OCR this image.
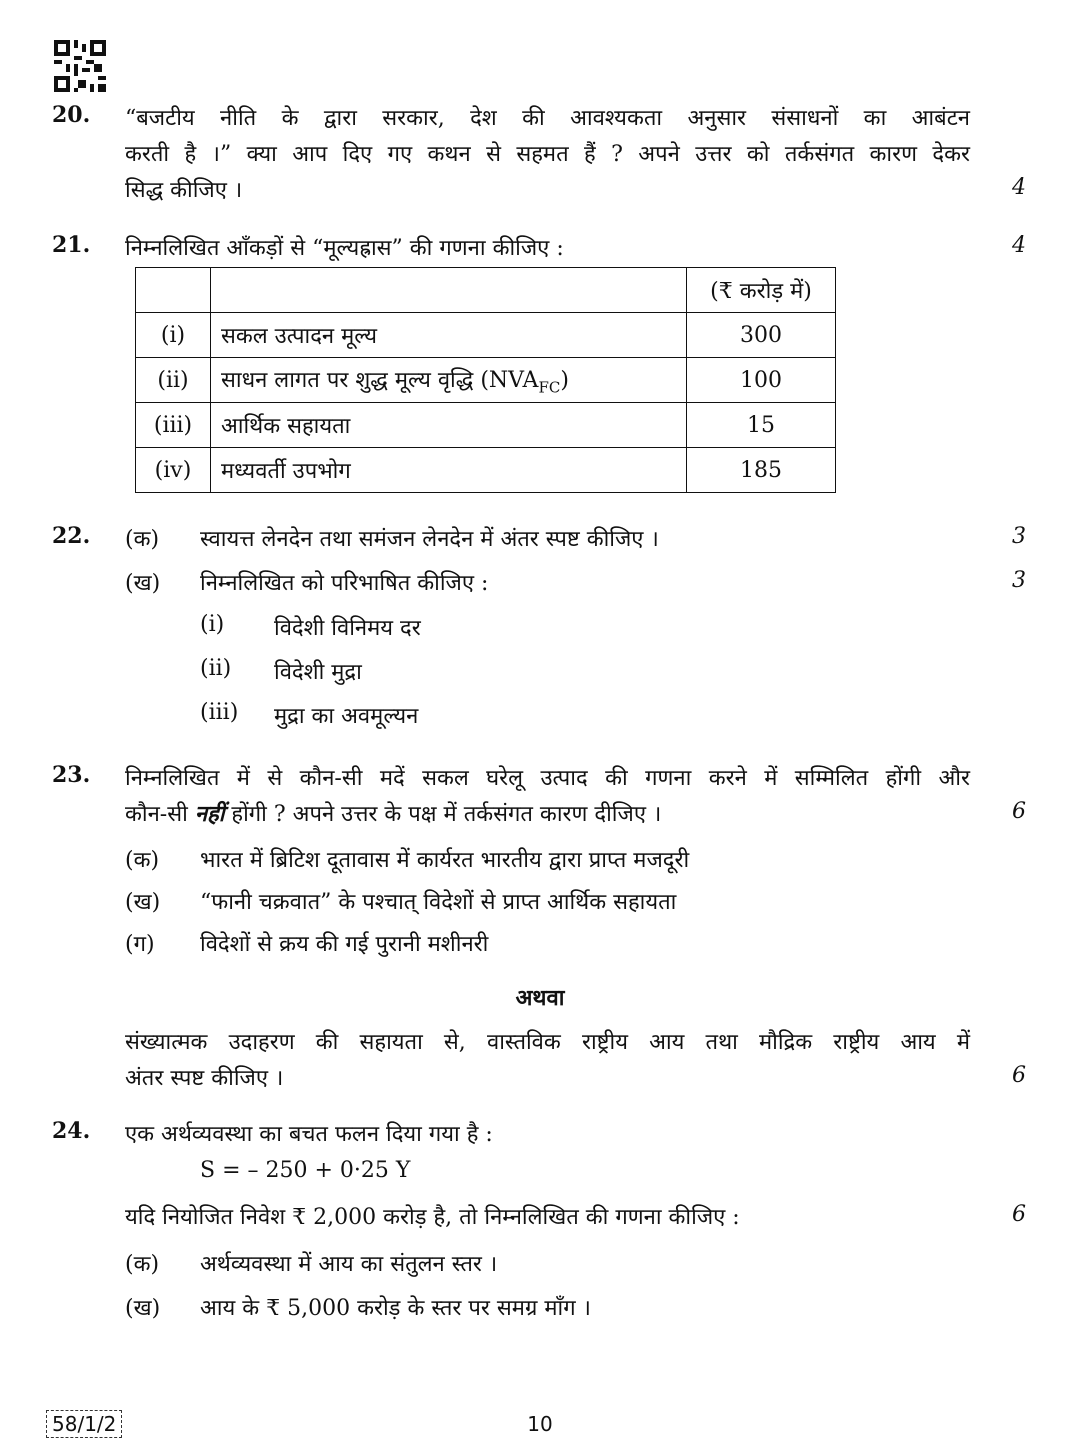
20. “बजटीय नीति के द्वारा सरकार, देश की आवश्यकता अनुसार संसाधनों का आबंटन
करती है ।” क्या आप दिए गए कथन से सहमत हैं ? अपने उत्तर को तर्कसंगत कारण देकर
सिद्ध कीजिए ।	4
21. निम्नलिखित आँकड़ों से “मूल्यह्रास” की गणना कीजिए :	4
		(₹ करोड़ में)
(i)	सकल उत्पादन मूल्य	300
(ii)	साधन लागत पर शुद्ध मूल्य वृद्धि $(NVA_{FC})$	100
(iii)	आर्थिक सहायता	15
(iv)	मध्यवर्ती उपभोग	185
22. (क) स्वायत्त लेनदेन तथा समंजन लेनदेन में अंतर स्पष्ट कीजिए ।	3
(ख) निम्नलिखित को परिभाषित कीजिए :	3
(i) विदेशी विनिमय दर
(ii) विदेशी मुद्रा
(iii) मुद्रा का अवमूल्यन
23. निम्नलिखित में से कौन-सी मदें सकल घरेलू उत्पाद की गणना करने में सम्मिलित होंगी और
कौन-सी नहीं होंगी ? अपने उत्तर के पक्ष में तर्कसंगत कारण दीजिए ।	6
(क) भारत में ब्रिटिश दूतावास में कार्यरत भारतीय द्वारा प्राप्त मजदूरी
(ख) “फानी चक्रवात” के पश्चात् विदेशों से प्राप्त आर्थिक सहायता
(ग) विदेशों से क्रय की गई पुरानी मशीनरी
अथवा
संख्यात्मक उदाहरण की सहायता से, वास्तविक राष्ट्रीय आय तथा मौद्रिक राष्ट्रीय आय में
अंतर स्पष्ट कीजिए ।	6
24. एक अर्थव्यवस्था का बचत फलन दिया गया है :
S = – 250 + 0·25 Y
यदि नियोजित निवेश ₹ 2,000 करोड़ है, तो निम्नलिखित की गणना कीजिए :	6
(क) अर्थव्यवस्था में आय का संतुलन स्तर ।
(ख) आय के ₹ 5,000 करोड़ के स्तर पर समग्र माँग ।
58/1/2	10
